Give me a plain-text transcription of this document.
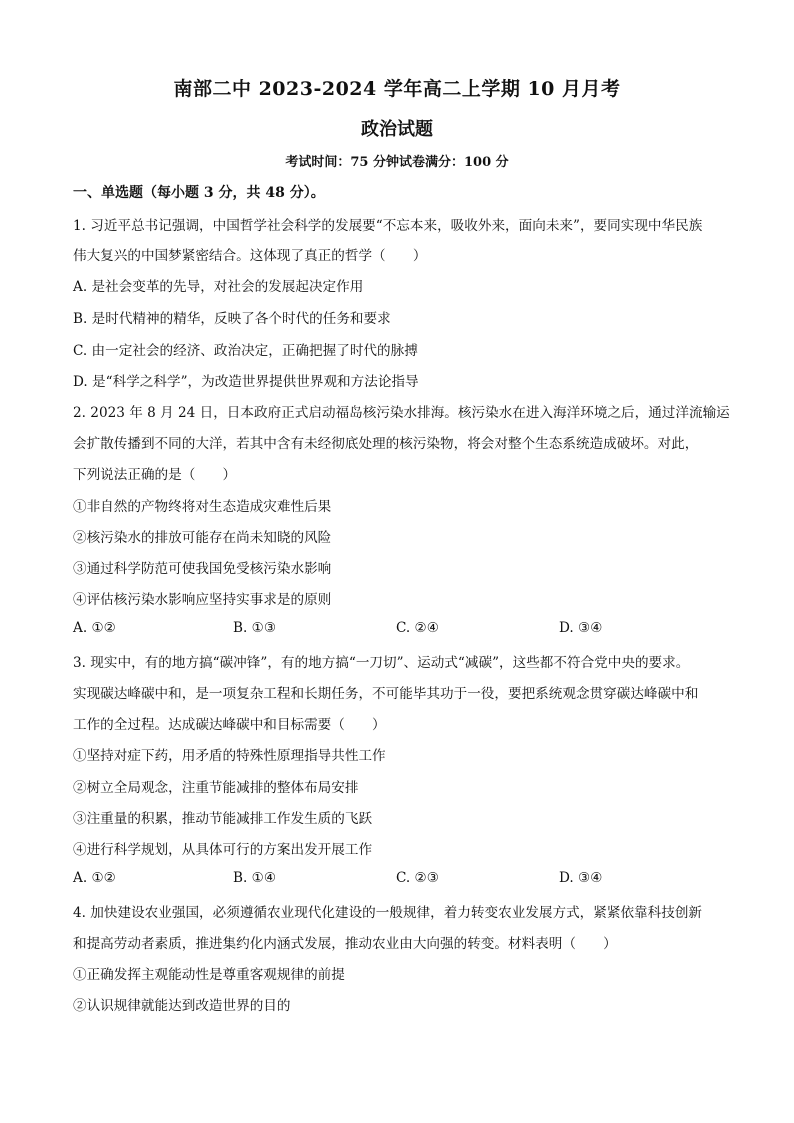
南部二中 2023-2024 学年高二上学期 10 月月考
政治试题
考试时间：75 分钟试卷满分：100 分
一、单选题（每小题 3 分，共 48 分）。
1. 习近平总书记强调，中国哲学社会科学的发展要“不忘本来，吸收外来，面向未来”，要同实现中华民族
伟大复兴的中国梦紧密结合。这体现了真正的哲学（　　）
A. 是社会变革的先导，对社会的发展起决定作用
B. 是时代精神的精华，反映了各个时代的任务和要求
C. 由一定社会的经济、政治决定，正确把握了时代的脉搏
D. 是“科学之科学”，为改造世界提供世界观和方法论指导
2. 2023 年 8 月 24 日，日本政府正式启动福岛核污染水排海。核污染水在进入海洋环境之后，通过洋流输运
会扩散传播到不同的大洋，若其中含有未经彻底处理的核污染物，将会对整个生态系统造成破坏。对此，
下列说法正确的是（　　）
①非自然的产物终将对生态造成灾难性后果
②核污染水的排放可能存在尚未知晓的风险
③通过科学防范可使我国免受核污染水影响
④评估核污染水影响应坚持实事求是的原则
A. ①②	B. ①③	C. ②④	D. ③④
3. 现实中，有的地方搞“碳冲锋”，有的地方搞“一刀切”、运动式“减碳”，这些都不符合党中央的要求。
实现碳达峰碳中和，是一项复杂工程和长期任务，不可能毕其功于一役，要把系统观念贯穿碳达峰碳中和
工作的全过程。达成碳达峰碳中和目标需要（　　）
①坚持对症下药，用矛盾的特殊性原理指导共性工作
②树立全局观念，注重节能减排的整体布局安排
③注重量的积累，推动节能减排工作发生质的飞跃
④进行科学规划，从具体可行的方案出发开展工作
A. ①②	B. ①④	C. ②③	D. ③④
4. 加快建设农业强国，必须遵循农业现代化建设的一般规律，着力转变农业发展方式，紧紧依靠科技创新
和提高劳动者素质，推进集约化内涵式发展，推动农业由大向强的转变。材料表明（　　）
①正确发挥主观能动性是尊重客观规律的前提
②认识规律就能达到改造世界的目的
